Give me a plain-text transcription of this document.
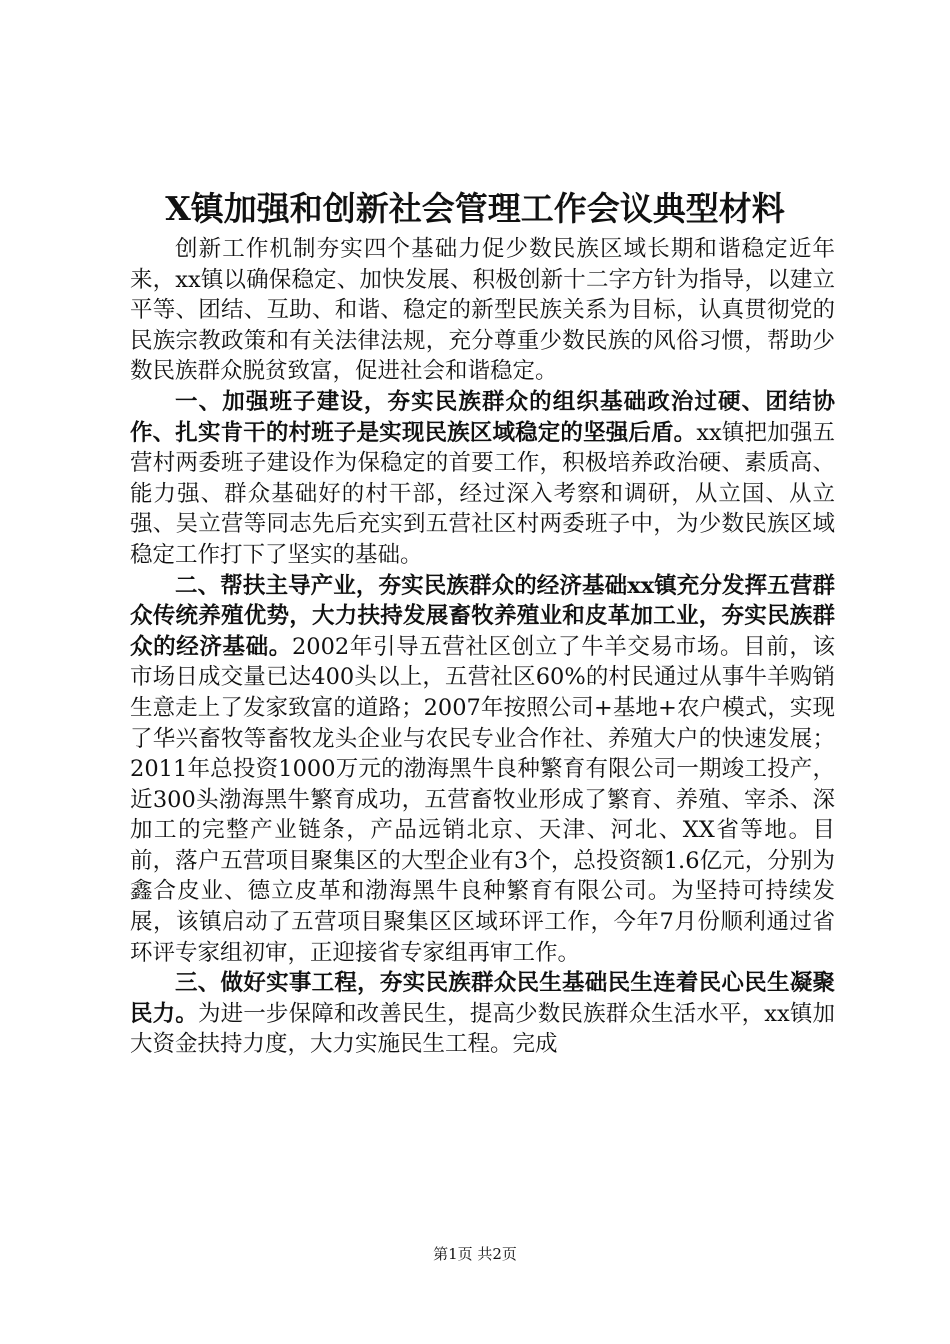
X镇加强和创新社会管理工作会议典型材料

创新工作机制夯实四个基础力促少数民族区域长期和谐稳定近年来，xx镇以确保稳定、加快发展、积极创新十二字方针为指导，以建立平等、团结、互助、和谐、稳定的新型民族关系为目标，认真贯彻党的民族宗教政策和有关法律法规，充分尊重少数民族的风俗习惯，帮助少数民族群众脱贫致富，促进社会和谐稳定。

一、加强班子建设，夯实民族群众的组织基础政治过硬、团结协作、扎实肯干的村班子是实现民族区域稳定的坚强后盾。xx镇把加强五营村两委班子建设作为保稳定的首要工作，积极培养政治硬、素质高、能力强、群众基础好的村干部，经过深入考察和调研，从立国、从立强、吴立营等同志先后充实到五营社区村两委班子中，为少数民族区域稳定工作打下了坚实的基础。

二、帮扶主导产业，夯实民族群众的经济基础xx镇充分发挥五营群众传统养殖优势，大力扶持发展畜牧养殖业和皮革加工业，夯实民族群众的经济基础。2002年引导五营社区创立了牛羊交易市场。目前，该市场日成交量已达400头以上，五营社区60%的村民通过从事牛羊购销生意走上了发家致富的道路；2007年按照公司+基地+农户模式，实现了华兴畜牧等畜牧龙头企业与农民专业合作社、养殖大户的快速发展；2011年总投资1000万元的渤海黑牛良种繁育有限公司一期竣工投产，近300头渤海黑牛繁育成功，五营畜牧业形成了繁育、养殖、宰杀、深加工的完整产业链条，产品远销北京、天津、河北、XX省等地。目前，落户五营项目聚集区的大型企业有3个，总投资额1.6亿元，分别为鑫合皮业、德立皮革和渤海黑牛良种繁育有限公司。为坚持可持续发展，该镇启动了五营项目聚集区区域环评工作，今年7月份顺利通过省环评专家组初审，正迎接省专家组再审工作。

三、做好实事工程，夯实民族群众民生基础民生连着民心民生凝聚民力。为进一步保障和改善民生，提高少数民族群众生活水平，xx镇加大资金扶持力度，大力实施民生工程。完成

第1页 共2页
